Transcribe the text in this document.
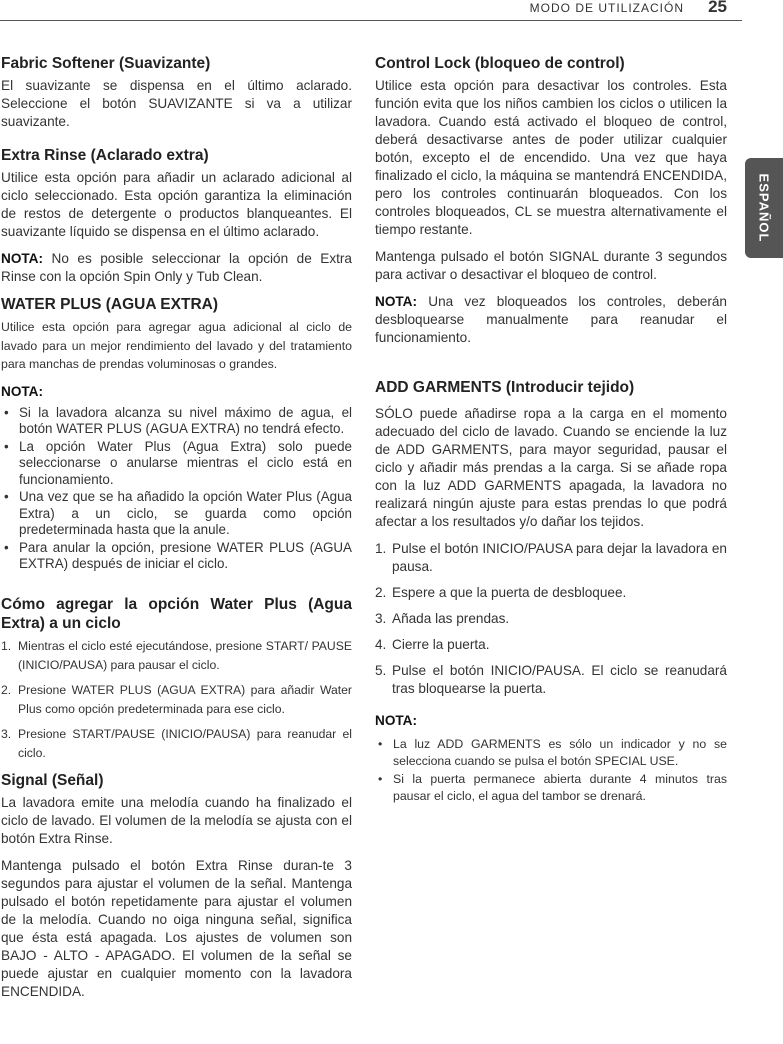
MODO DE UTILIZACIÓN 25
ESPAÑOL
Fabric Softener (Suavizante)

El suavizante se dispensa en el último aclarado. Seleccione el botón SUAVIZANTE si va a utilizar suavizante.

Extra Rinse (Aclarado extra)

Utilice esta opción para añadir un aclarado adicional al ciclo seleccionado. Esta opción garantiza la eliminación de restos de detergente o productos blanqueantes. El suavizante líquido se dispensa en el último aclarado.

NOTA: No es posible seleccionar la opción de Extra Rinse con la opción Spin Only y Tub Clean.

WATER PLUS (AGUA EXTRA)

Utilice esta opción para agregar agua adicional al ciclo de lavado para un mejor rendimiento del lavado y del tratamiento para manchas de prendas voluminosas o grandes.

NOTA:

• Si la lavadora alcanza su nivel máximo de agua, el botón WATER PLUS (AGUA EXTRA) no tendrá efecto.
• La opción Water Plus (Agua Extra) solo puede seleccionarse o anularse mientras el ciclo está en funcionamiento.
• Una vez que se ha añadido la opción Water Plus (Agua Extra) a un ciclo, se guarda como opción predeterminada hasta que la anule.
• Para anular la opción, presione WATER PLUS (AGUA EXTRA) después de iniciar el ciclo.
Cómo agregar la opción Water Plus (Agua Extra) a un ciclo
1. Mientras el ciclo esté ejecutándose, presione START/ PAUSE (INICIO/PAUSA) para pausar el ciclo.
2. Presione WATER PLUS (AGUA EXTRA) para añadir Water Plus como opción predeterminada para ese ciclo.
3. Presione START/PAUSE (INICIO/PAUSA) para reanudar el ciclo.
Signal (Señal)

La lavadora emite una melodía cuando ha finalizado el ciclo de lavado. El volumen de la melodía se ajusta con el botón Extra Rinse.

Mantenga pulsado el botón Extra Rinse duran-te 3 segundos para ajustar el volumen de la señal. Mantenga pulsado el botón repetidamente para ajustar el volumen de la melodía. Cuando no oiga ninguna señal, significa que ésta está apagada. Los ajustes de volumen son BAJO - ALTO - APAGADO. El volumen de la señal se puede ajustar en cualquier momento con la lavadora ENCENDIDA.

Control Lock (bloqueo de control)

Utilice esta opción para desactivar los controles. Esta función evita que los niños cambien los ciclos o utilicen la lavadora. Cuando está activado el bloqueo de control, deberá desactivarse antes de poder utilizar cualquier botón, excepto el de encendido. Una vez que haya finalizado el ciclo, la máquina se mantendrá ENCENDIDA, pero los controles continuarán bloqueados. Con los controles bloqueados, CL se muestra alternativamente el tiempo restante.

Mantenga pulsado el botón SIGNAL durante 3 segundos para activar o desactivar el bloqueo de control.

NOTA: Una vez bloqueados los controles, deberán desbloquearse manualmente para reanudar el funcionamiento.

ADD GARMENTS (Introducir tejido)

SÓLO puede añadirse ropa a la carga en el momento adecuado del ciclo de lavado. Cuando se enciende la luz de ADD GARMENTS, para mayor seguridad, pausar el ciclo y añadir más prendas a la carga. Si se añade ropa con la luz ADD GARMENTS apagada, la lavadora no realizará ningún ajuste para estas prendas lo que podrá afectar a los resultados y/o dañar los tejidos.

1. Pulse el botón INICIO/PAUSA para dejar la lavadora en pausa.
2. Espere a que la puerta de desbloquee.
3. Añada las prendas.
4. Cierre la puerta.
5. Pulse el botón INICIO/PAUSA. El ciclo se reanudará tras bloquearse la puerta.

NOTA:

• La luz ADD GARMENTS es sólo un indicador y no se selecciona cuando se pulsa el botón SPECIAL USE.
• Si la puerta permanece abierta durante 4 minutos tras pausar el ciclo, el agua del tambor se drenará.
